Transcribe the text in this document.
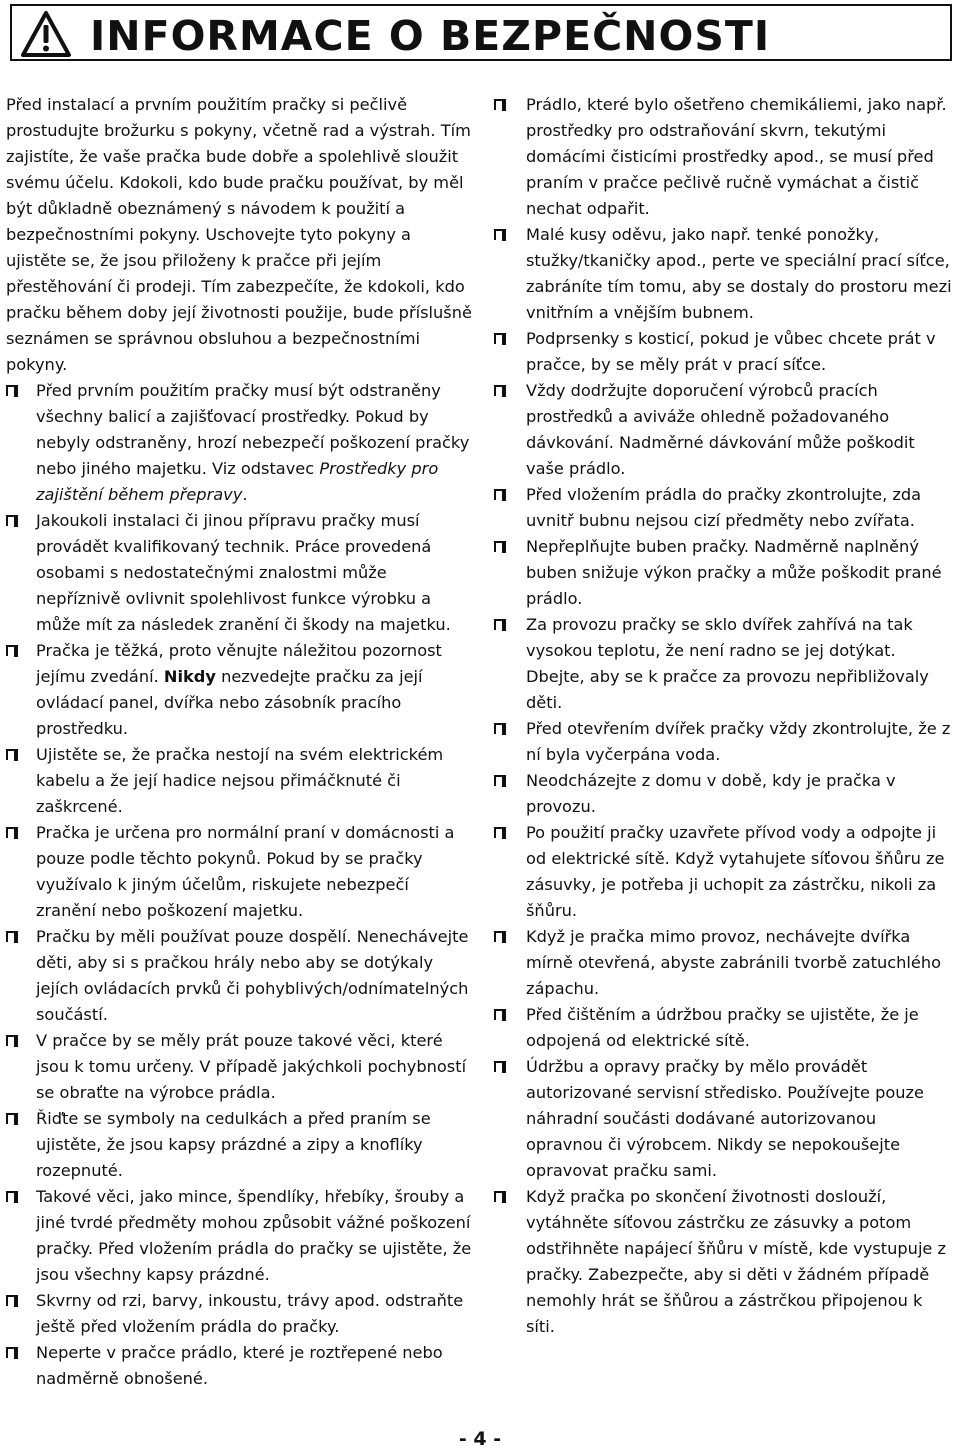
INFORMACE O BEZPEČNOSTI

Před instalací a prvním použitím pračky si pečlivě prostudujte brožurku s pokyny, včetně rad a výstrah. Tím zajistíte, že vaše pračka bude dobře a spolehlivě sloužit svému účelu. Kdokoli, kdo bude pračku používat, by měl být důkladně obeznámený s návodem k použití a bezpečnostními pokyny. Uschovejte tyto pokyny a ujistěte se, že jsou přiloženy k pračce při jejím přestěhování či prodeji. Tím zabezpečíte, že kdokoli, kdo pračku během doby její životnosti použije, bude příslušně seznámen se správnou obsluhou a bezpečnostními pokyny.

Před prvním použitím pračky musí být odstraněny všechny balicí a zajišťovací prostředky. Pokud by nebyly odstraněny, hrozí nebezpečí poškození pračky nebo jiného majetku. Viz odstavec Prostředky pro zajištění během přepravy.
Jakoukoli instalaci či jinou přípravu pračky musí provádět kvalifikovaný technik. Práce provedená osobami s nedostatečnými znalostmi může nepříznivě ovlivnit spolehlivost funkce výrobku a může mít za následek zranění či škody na majetku.
Pračka je těžká, proto věnujte náležitou pozornost jejímu zvedání. Nikdy nezvedejte pračku za její ovládací panel, dvířka nebo zásobník pracího prostředku.
Ujistěte se, že pračka nestojí na svém elektrickém kabelu a že její hadice nejsou přimáčknuté či zaškrcené.
Pračka je určena pro normální praní v domácnosti a pouze podle těchto pokynů. Pokud by se pračky využívalo k jiným účelům, riskujete nebezpečí zranění nebo poškození majetku.
Pračku by měli používat pouze dospělí. Nenechávejte děti, aby si s pračkou hrály nebo aby se dotýkaly jejích ovládacích prvků či pohyblivých/odnímatelných součástí.
V pračce by se měly prát pouze takové věci, které jsou k tomu určeny. V případě jakýchkoli pochybností se obraťte na výrobce prádla.
Řiďte se symboly na cedulkách a před praním se ujistěte, že jsou kapsy prázdné a zipy a knoflíky rozepnuté.
Takové věci, jako mince, špendlíky, hřebíky, šrouby a jiné tvrdé předměty mohou způsobit vážné poškození pračky. Před vložením prádla do pračky se ujistěte, že jsou všechny kapsy prázdné.
Skvrny od rzi, barvy, inkoustu, trávy apod. odstraňte ještě před vložením prádla do pračky.
Neperte v pračce prádlo, které je roztřepené nebo nadměrně obnošené.
Prádlo, které bylo ošetřeno chemikáliemi, jako např. prostředky pro odstraňování skvrn, tekutými domácími čisticími prostředky apod., se musí před praním v pračce pečlivě ručně vymáchat a čistič nechat odpařit.
Malé kusy oděvu, jako např. tenké ponožky, stužky/tkaničky apod., perte ve speciální prací síťce, zabráníte tím tomu, aby se dostaly do prostoru mezi vnitřním a vnějším bubnem.
Podprsenky s kosticí, pokud je vůbec chcete prát v pračce, by se měly prát v prací síťce.
Vždy dodržujte doporučení výrobců pracích prostředků a aviváže ohledně požadovaného dávkování. Nadměrné dávkování může poškodit vaše prádlo.
Před vložením prádla do pračky zkontrolujte, zda uvnitř bubnu nejsou cizí předměty nebo zvířata.
Nepřeplňujte buben pračky. Nadměrně naplněný buben snižuje výkon pračky a může poškodit prané prádlo.
Za provozu pračky se sklo dvířek zahřívá na tak vysokou teplotu, že není radno se jej dotýkat. Dbejte, aby se k pračce za provozu nepřibližovaly děti.
Před otevřením dvířek pračky vždy zkontrolujte, že z ní byla vyčerpána voda.
Neodcházejte z domu v době, kdy je pračka v provozu.
Po použití pračky uzavřete přívod vody a odpojte ji od elektrické sítě. Když vytahujete síťovou šňůru ze zásuvky, je potřeba ji uchopit za zástrčku, nikoli za šňůru.
Když je pračka mimo provoz, nechávejte dvířka mírně otevřená, abyste zabránili tvorbě zatuchlého zápachu.
Před čištěním a údržbou pračky se ujistěte, že je odpojená od elektrické sítě.
Údržbu a opravy pračky by mělo provádět autorizované servisní středisko. Používejte pouze náhradní součásti dodávané autorizovanou opravnou či výrobcem. Nikdy se nepokoušejte opravovat pračku sami.
Když pračka po skončení životnosti doslouží, vytáhněte síťovou zástrčku ze zásuvky a potom odstřihněte napájecí šňůru v místě, kde vystupuje z pračky. Zabezpečte, aby si děti v žádném případě nemohly hrát se šňůrou a zástrčkou připojenou k síti.
- 4 -
